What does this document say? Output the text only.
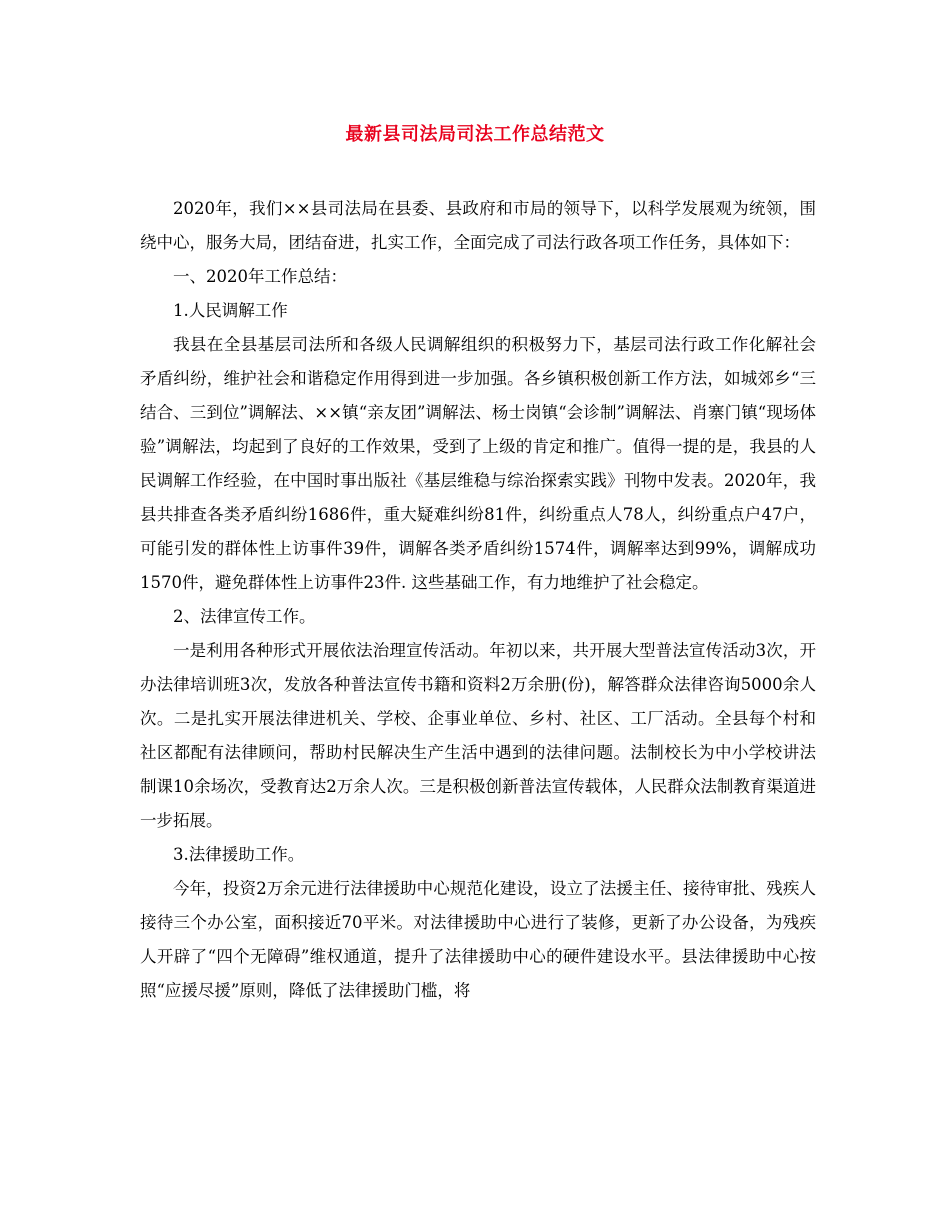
最新县司法局司法工作总结范文

2020年，我们××县司法局在县委、县政府和市局的领导下，以科学发展观为统领，围绕中心，服务大局，团结奋进，扎实工作，全面完成了司法行政各项工作任务，具体如下：

一、2020年工作总结：

1.人民调解工作

我县在全县基层司法所和各级人民调解组织的积极努力下，基层司法行政工作化解社会矛盾纠纷，维护社会和谐稳定作用得到进一步加强。各乡镇积极创新工作方法，如城郊乡“三结合、三到位”调解法、××镇“亲友团”调解法、杨士岗镇“会诊制”调解法、肖寨门镇“现场体验”调解法，均起到了良好的工作效果，受到了上级的肯定和推广。值得一提的是，我县的人民调解工作经验，在中国时事出版社《基层维稳与综治探索实践》刊物中发表。2020年，我县共排查各类矛盾纠纷1686件，重大疑难纠纷81件，纠纷重点人78人，纠纷重点户47户，可能引发的群体性上访事件39件，调解各类矛盾纠纷1574件，调解率达到99%，调解成功1570件，避免群体性上访事件23件. 这些基础工作，有力地维护了社会稳定。

2、法律宣传工作。

一是利用各种形式开展依法治理宣传活动。年初以来，共开展大型普法宣传活动3次，开办法律培训班3次，发放各种普法宣传书籍和资料2万余册(份)，解答群众法律咨询5000余人次。二是扎实开展法律进机关、学校、企事业单位、乡村、社区、工厂活动。全县每个村和社区都配有法律顾问，帮助村民解决生产生活中遇到的法律问题。法制校长为中小学校讲法制课10余场次，受教育达2万余人次。三是积极创新普法宣传载体，人民群众法制教育渠道进一步拓展。

3.法律援助工作。

今年，投资2万余元进行法律援助中心规范化建设，设立了法援主任、接待审批、残疾人接待三个办公室，面积接近70平米。对法律援助中心进行了装修，更新了办公设备，为残疾人开辟了“四个无障碍”维权通道，提升了法律援助中心的硬件建设水平。县法律援助中心按照“应援尽援”原则，降低了法律援助门槛，将
